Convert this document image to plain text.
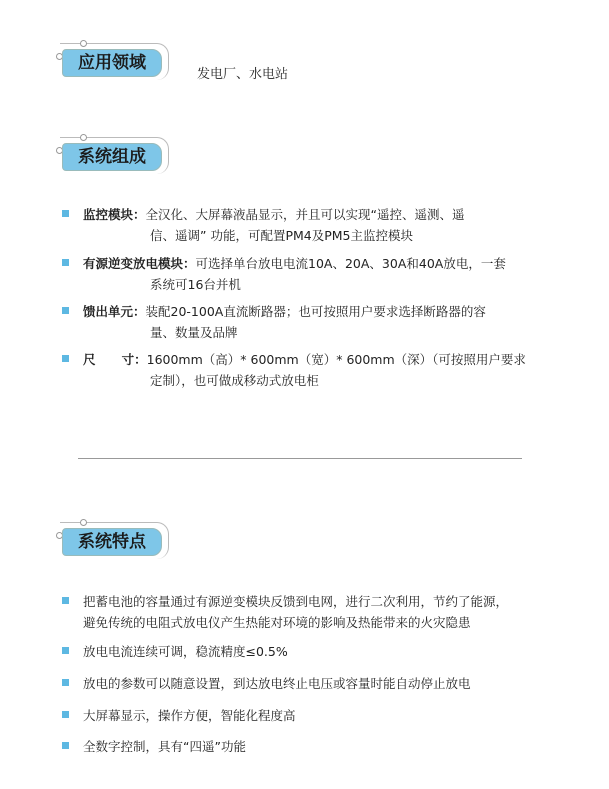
应用领域
发电厂、水电站
系统组成
监控模块：全汉化、大屏幕液晶显示，并且可以实现“遥控、遥测、遥
信、遥调” 功能，可配置PM4及PM5主监控模块
有源逆变放电模块：可选择单台放电电流10A、20A、30A和40A放电，一套
系统可16台并机
馈出单元：装配20-100A直流断路器；也可按照用户要求选择断路器的容
量、数量及品牌
尺      寸：1600mm（高）* 600mm（宽）* 600mm（深）（可按照用户要求
定制），也可做成移动式放电柜
系统特点
把蓄电池的容量通过有源逆变模块反馈到电网，进行二次利用，节约了能源，
避免传统的电阻式放电仪产生热能对环境的影响及热能带来的火灾隐患
放电电流连续可调，稳流精度≤0.5%
放电的参数可以随意设置，到达放电终止电压或容量时能自动停止放电
大屏幕显示，操作方便，智能化程度高
全数字控制，具有“四遥”功能
